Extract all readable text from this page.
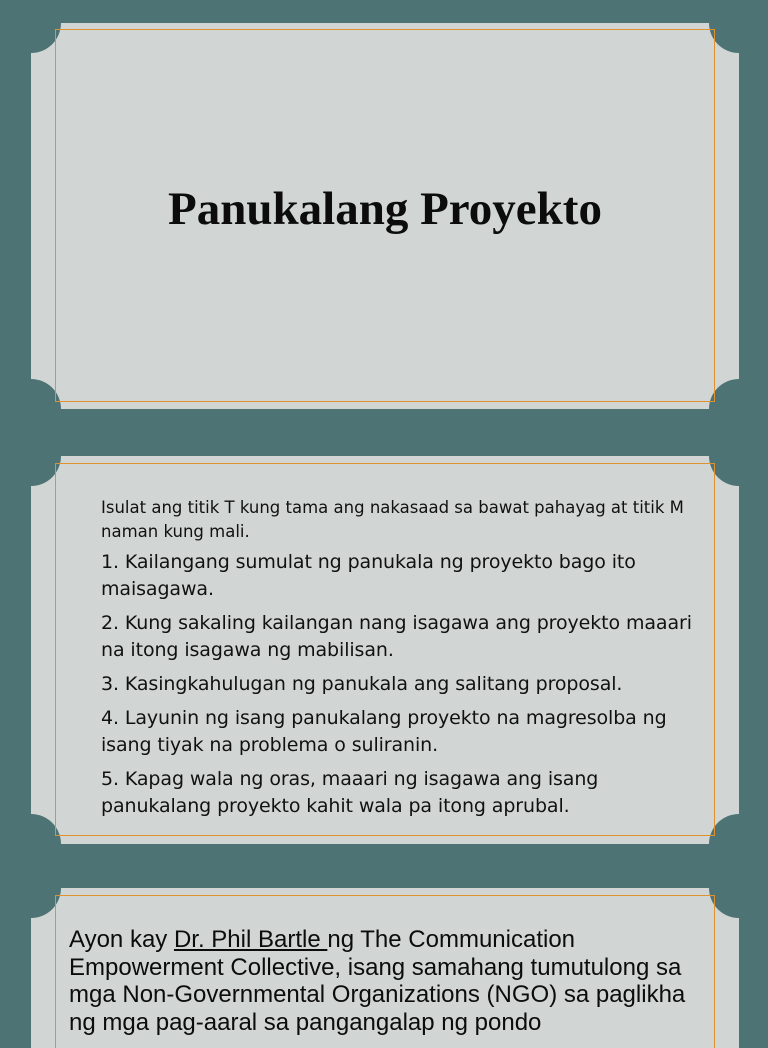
Panukalang Proyekto

Isulat ang titik T kung tama ang nakasaad sa bawat pahayag at titik M naman kung mali.

1. Kailangang sumulat ng panukala ng proyekto bago ito maisagawa.

2. Kung sakaling kailangan nang isagawa ang proyekto maaari na itong isagawa ng mabilisan.

3. Kasingkahulugan ng panukala ang salitang proposal.

4. Layunin ng isang panukalang proyekto na magresolba ng isang tiyak na problema o suliranin.

5. Kapag wala ng oras, maaari ng isagawa ang isang panukalang proyekto kahit wala pa itong aprubal.

Ayon kay Dr. Phil Bartle ng The Communication Empowerment Collective, isang samahang tumutulong sa mga Non-Governmental Organizations (NGO) sa paglikha ng mga pag-aaral sa pangangalap ng pondo
